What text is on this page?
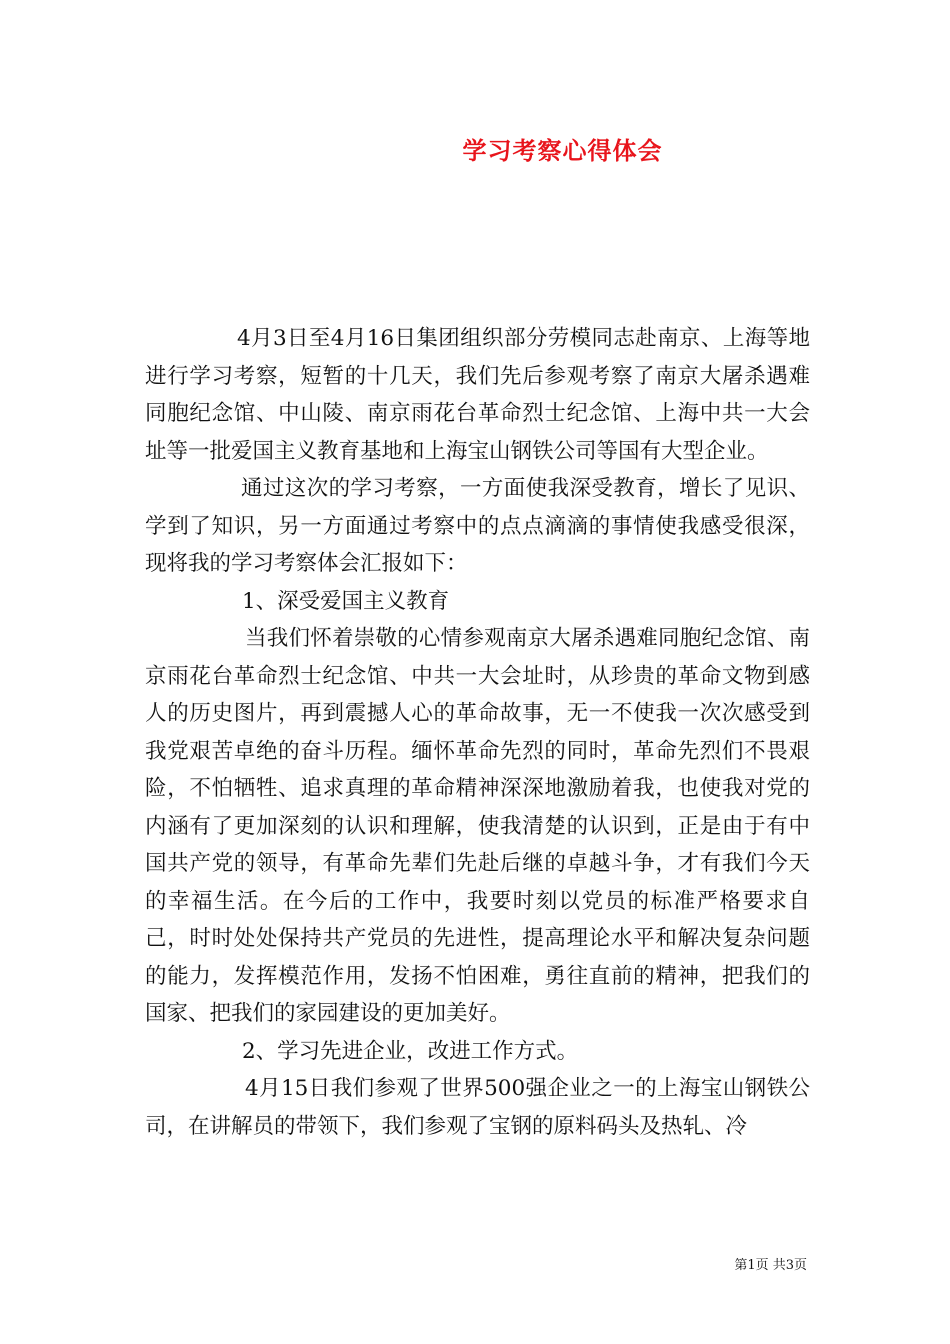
学习考察心得体会

4月3日至4月16日集团组织部分劳模同志赴南京、上海等地进行学习考察，短暂的十几天，我们先后参观考察了南京大屠杀遇难同胞纪念馆、中山陵、南京雨花台革命烈士纪念馆、上海中共一大会址等一批爱国主义教育基地和上海宝山钢铁公司等国有大型企业。

通过这次的学习考察，一方面使我深受教育，增长了见识、学到了知识，另一方面通过考察中的点点滴滴的事情使我感受很深，现将我的学习考察体会汇报如下：

1、深受爱国主义教育

当我们怀着崇敬的心情参观南京大屠杀遇难同胞纪念馆、南京雨花台革命烈士纪念馆、中共一大会址时，从珍贵的革命文物到感人的历史图片，再到震撼人心的革命故事，无一不使我一次次感受到我党艰苦卓绝的奋斗历程。缅怀革命先烈的同时，革命先烈们不畏艰险，不怕牺牲、追求真理的革命精神深深地激励着我，也使我对党的内涵有了更加深刻的认识和理解，使我清楚的认识到，正是由于有中国共产党的领导，有革命先辈们先赴后继的卓越斗争，才有我们今天的幸福生活。在今后的工作中，我要时刻以党员的标准严格要求自己，时时处处保持共产党员的先进性，提高理论水平和解决复杂问题的能力，发挥模范作用，发扬不怕困难，勇往直前的精神，把我们的国家、把我们的家园建设的更加美好。

2、学习先进企业，改进工作方式。

4月15日我们参观了世界500强企业之一的上海宝山钢铁公司，在讲解员的带领下，我们参观了宝钢的原料码头及热轧、冷

第1页 共3页
